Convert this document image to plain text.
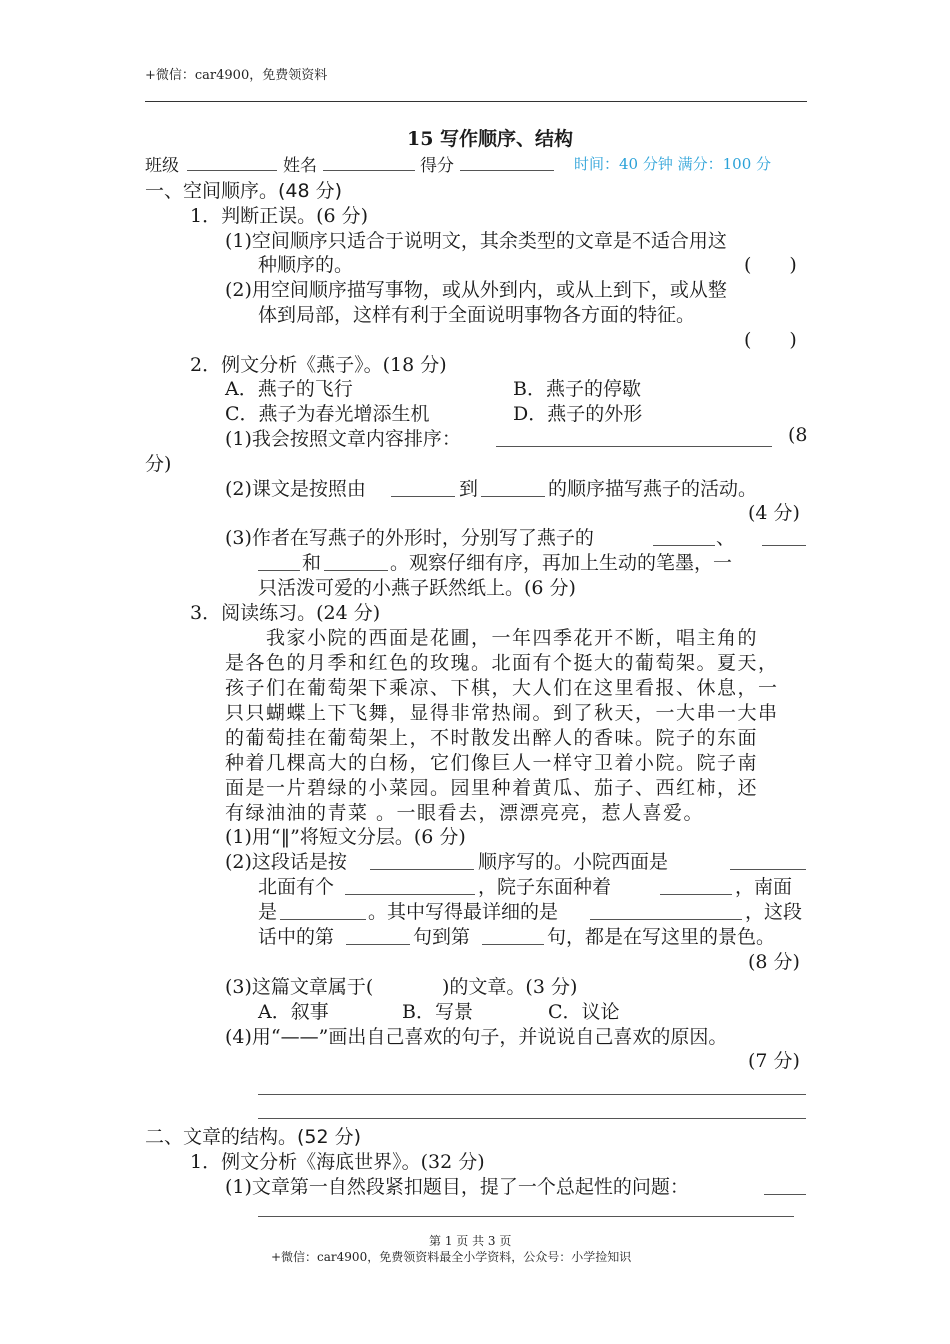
+微信：car4900，免费领资料
15 写作顺序、结构
班级	姓名	得分	时间：40 分钟 满分：100 分
一、空间顺序。(48 分)
1．判断正误。(6 分)
(1)空间顺序只适合于说明文，其余类型的文章是不适合用这
种顺序的。	(　　)
(2)用空间顺序描写事物，或从外到内，或从上到下，或从整
体到局部，这样有利于全面说明事物各方面的特征。
(　　)
2．例文分析《燕子》。(18 分)
A．燕子的飞行	B．燕子的停歇
C．燕子为春光增添生机	D．燕子的外形
(1)我会按照文章内容排序：	(8
分)
(2)课文是按照由	到	的顺序描写燕子的活动。
(4 分)
(3)作者在写燕子的外形时，分别写了燕子的	、
和	。观察仔细有序，再加上生动的笔墨，一
只活泼可爱的小燕子跃然纸上。(6 分)
3．阅读练习。(24 分)
　　我家小院的西面是花圃，一年四季花开不断，唱主角的
是各色的月季和红色的玫瑰。北面有个挺大的葡萄架。夏天，
孩子们在葡萄架下乘凉、下棋，大人们在这里看报、休息，一
只只蝴蝶上下飞舞，显得非常热闹。到了秋天，一大串一大串
的葡萄挂在葡萄架上，不时散发出醉人的香味。院子的东面
种着几棵高大的白杨，它们像巨人一样守卫着小院。院子南
面是一片碧绿的小菜园。园里种着黄瓜、茄子、西红柿，还
有绿油油的青菜 。一眼看去，漂漂亮亮，惹人喜爱。
(1)用“‖”将短文分层。(6 分)
(2)这段话是按	顺序写的。小院西面是
北面有个	，院子东面种着	，南面
是	。其中写得最详细的是	，这段
话中的第	句到第	句，都是在写这里的景色。
(8 分)
(3)这篇文章属于(	)的文章。(3 分)
A．叙事	B．写景	C．议论
(4)用“——”画出自己喜欢的句子，并说说自己喜欢的原因。
(7 分)
二、文章的结构。(52 分)
1．例文分析《海底世界》。(32 分)
(1)文章第一自然段紧扣题目，提了一个总起性的问题：
第 1 页 共 3 页
+微信：car4900，免费领资料最全小学资料，公众号：小学捡知识
